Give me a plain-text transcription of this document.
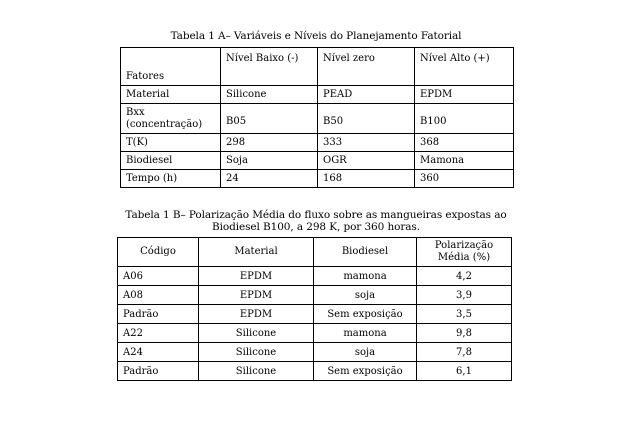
Tabela 1 A– Variáveis e Níveis do Planejamento Fatorial
Fatores	Nível Baixo (-)	Nível zero	Nível Alto (+)
Material	Silicone	PEAD	EPDM
Bxx (concentração)	B05	B50	B100
T(K)	298	333	368
Biodiesel	Soja	OGR	Mamona
Tempo (h)	24	168	360
Tabela 1 B– Polarização Média do fluxo sobre as mangueiras expostas ao
Biodiesel B100, a 298 K, por 360 horas.
Código	Material	Biodiesel	Polarização Média (%)
A06	EPDM	mamona	4,2
A08	EPDM	soja	3,9
Padrão	EPDM	Sem exposição	3,5
A22	Silicone	mamona	9,8
A24	Silicone	soja	7,8
Padrão	Silicone	Sem exposição	6,1
